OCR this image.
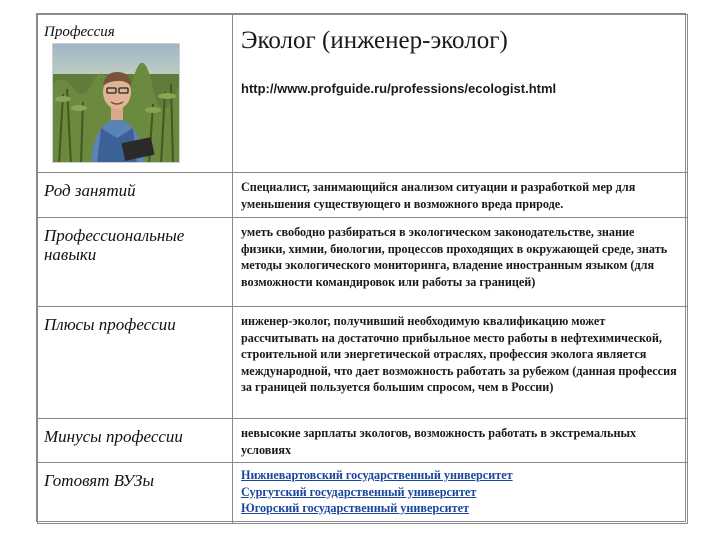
Профессия	Эколог (инженер-эколог)
http://www.profguide.ru/professions/ecologist.html

Род занятий	Специалист, занимающийся анализом ситуации и разработкой мер для уменьшения существующего и возможного вреда природе.

Профессиональные навыки	уметь свободно разбираться в экологическом законодательстве, знание физики, химии, биологии, процессов проходящих в окружающей среде, знать методы экологического мониторинга, владение иностранным языком (для возможности командировок или работы за границей)

Плюсы профессии	инженер-эколог, получивший необходимую квалификацию может рассчитывать на достаточно прибыльное место работы в нефтехимической, строительной или энергетической отраслях, профессия эколога является международной, что дает возможность работать за рубежом (данная профессия за границей пользуется большим спросом, чем в России)

Минусы профессии	невысокие зарплаты экологов, возможность работать в экстремальных условиях

Готовят ВУЗы	Нижневартовский государственный университет
Сургутский государственный университет
Югорский государственный университет
